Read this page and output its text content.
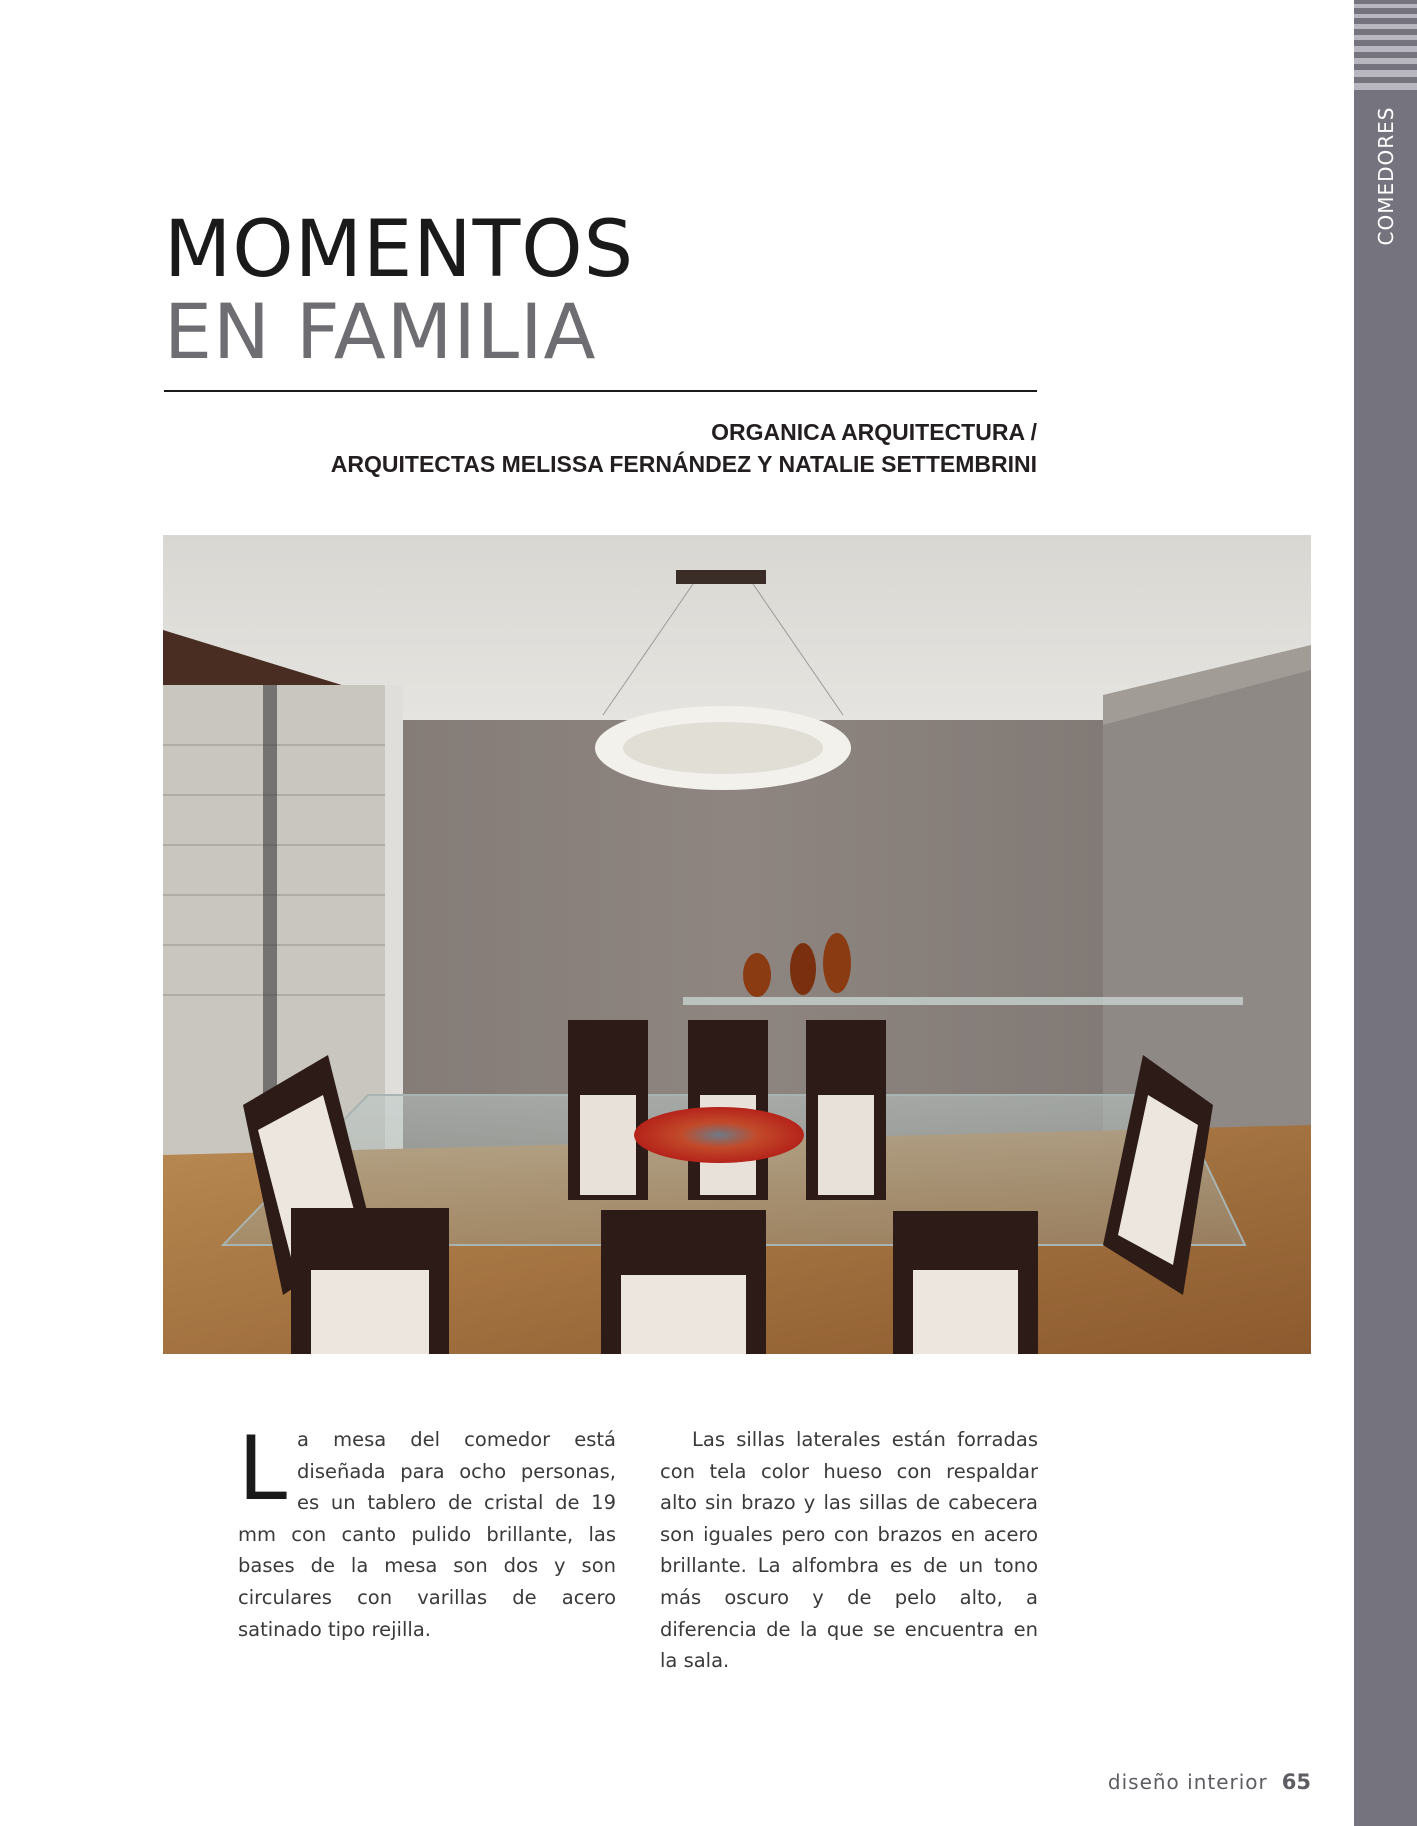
COMEDORES
MOMENTOS
EN FAMILIA
ORGANICA ARQUITECTURA /
ARQUITECTAS MELISSA FERNÁNDEZ Y NATALIE SETTEMBRINI

La mesa del comedor está diseñada para ocho personas, es un tablero de cristal de 19 mm con canto pulido brillante, las bases de la mesa son dos y son circulares con varillas de acero satinado tipo rejilla.

Las sillas laterales están forradas con tela color hueso con respaldar alto sin brazo y las sillas de cabecera son iguales pero con brazos en acero brillante. La alfombra es de un tono más oscuro y de pelo alto, a diferencia de la que se encuentra en la sala.

diseño interior 65
